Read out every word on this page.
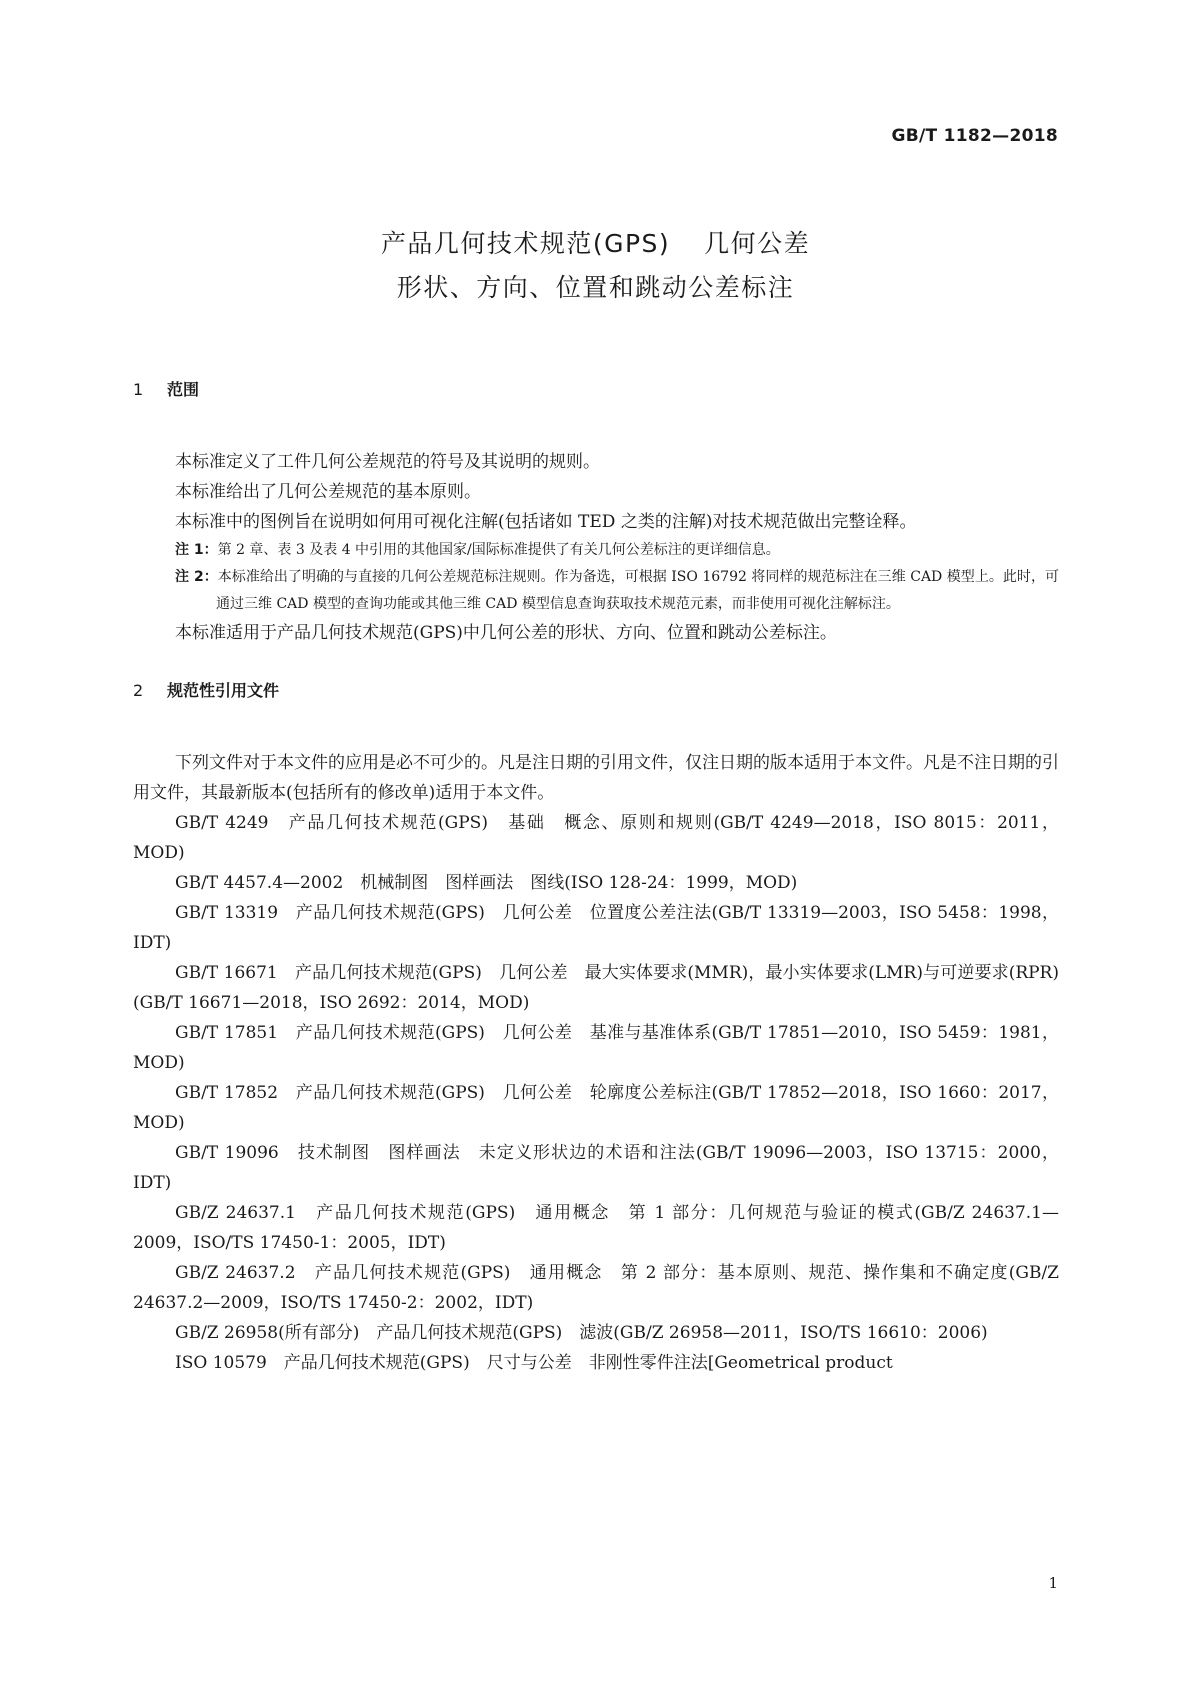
GB/T 1182—2018
产品几何技术规范(GPS) 几何公差
形状、方向、位置和跳动公差标注
1 范围

本标准定义了工件几何公差规范的符号及其说明的规则。

本标准给出了几何公差规范的基本原则。

本标准中的图例旨在说明如何用可视化注解(包括诸如 TED 之类的注解)对技术规范做出完整诠释。

注 1：第 2 章、表 3 及表 4 中引用的其他国家/国际标准提供了有关几何公差标注的更详细信息。

注 2：本标准给出了明确的与直接的几何公差规范标注规则。作为备选，可根据 ISO 16792 将同样的规范标注在三维 CAD 模型上。此时，可通过三维 CAD 模型的查询功能或其他三维 CAD 模型信息查询获取技术规范元素，而非使用可视化注解标注。

本标准适用于产品几何技术规范(GPS)中几何公差的形状、方向、位置和跳动公差标注。

2 规范性引用文件

下列文件对于本文件的应用是必不可少的。凡是注日期的引用文件，仅注日期的版本适用于本文件。凡是不注日期的引用文件，其最新版本(包括所有的修改单)适用于本文件。

GB/T 4249　产品几何技术规范(GPS)　基础　概念、原则和规则(GB/T 4249—2018，ISO 8015：2011，MOD)

GB/T 4457.4—2002　机械制图　图样画法　图线(ISO 128-24：1999，MOD)

GB/T 13319　产品几何技术规范(GPS)　几何公差　位置度公差注法(GB/T 13319—2003，ISO 5458：1998，IDT)

GB/T 16671　产品几何技术规范(GPS)　几何公差　最大实体要求(MMR)，最小实体要求(LMR)与可逆要求(RPR)(GB/T 16671—2018，ISO 2692：2014，MOD)

GB/T 17851　产品几何技术规范(GPS)　几何公差　基准与基准体系(GB/T 17851—2010，ISO 5459：1981，MOD)

GB/T 17852　产品几何技术规范(GPS)　几何公差　轮廓度公差标注(GB/T 17852—2018，ISO 1660：2017，MOD)

GB/T 19096　技术制图　图样画法　未定义形状边的术语和注法(GB/T 19096—2003，ISO 13715：2000，IDT)

GB/Z 24637.1　产品几何技术规范(GPS)　通用概念　第 1 部分：几何规范与验证的模式(GB/Z 24637.1—2009，ISO/TS 17450-1：2005，IDT)

GB/Z 24637.2　产品几何技术规范(GPS)　通用概念　第 2 部分：基本原则、规范、操作集和不确定度(GB/Z 24637.2—2009，ISO/TS 17450-2：2002，IDT)

GB/Z 26958(所有部分)　产品几何技术规范(GPS)　滤波(GB/Z 26958—2011，ISO/TS 16610：2006)

ISO 10579　产品几何技术规范(GPS)　尺寸与公差　非刚性零件注法[Geometrical product

1
